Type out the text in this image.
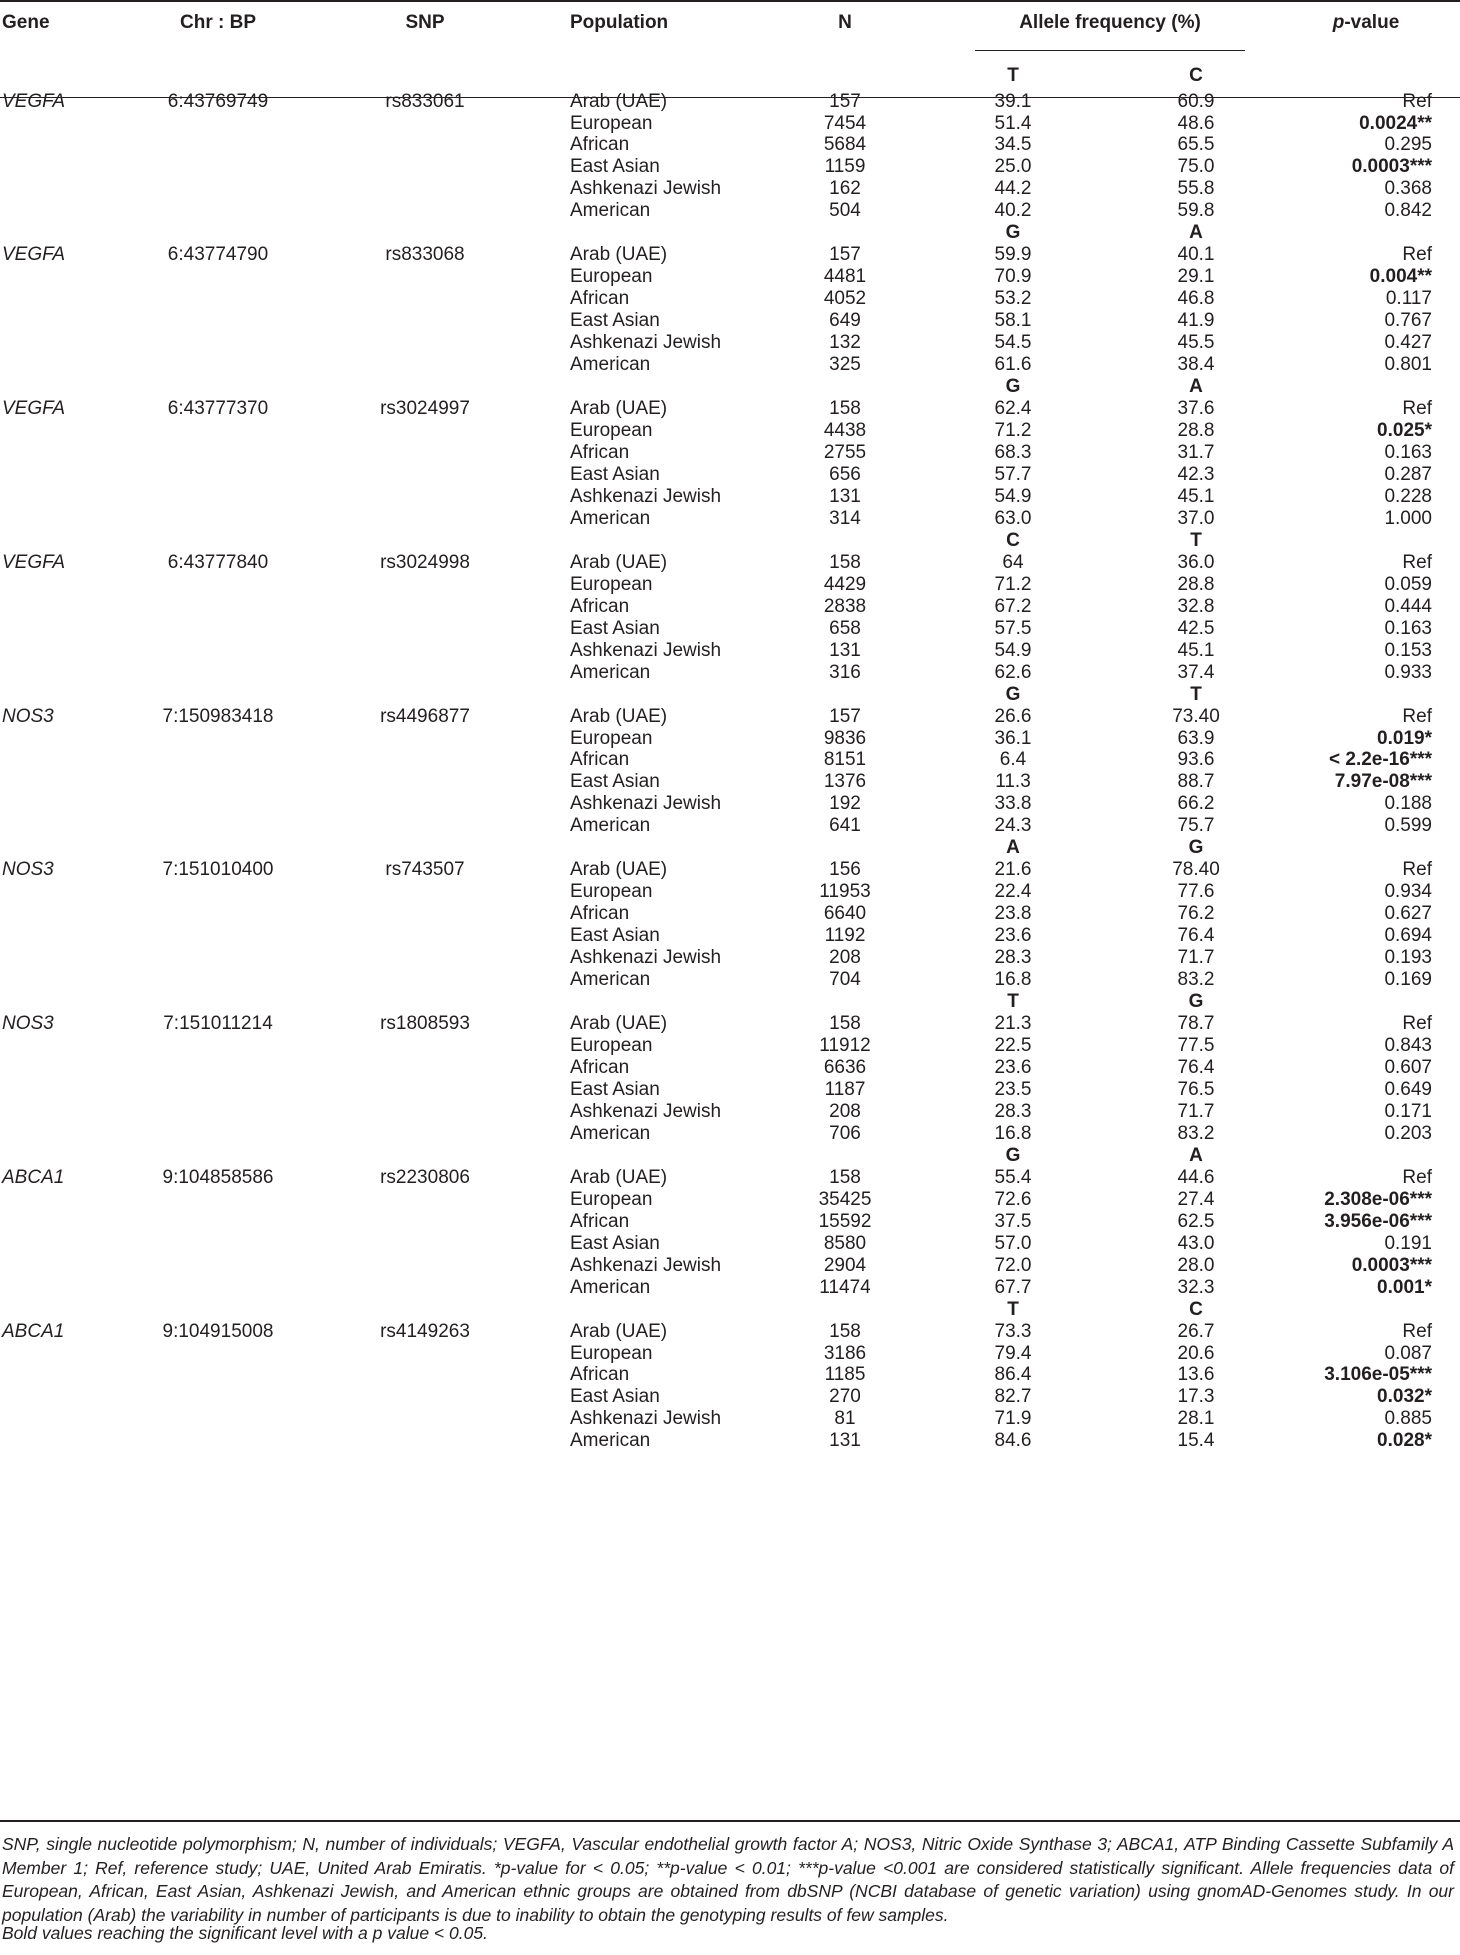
Gene	Chr : BP	SNP	Population	N	Allele frequency (%)	p-value
T	C
VEGFA	6:43769749	rs833061	Arab (UAE)	157	39.1	60.9	Ref
European	7454	51.4	48.6	0.0024**
African	5684	34.5	65.5	0.295
East Asian	1159	25.0	75.0	0.0003***
Ashkenazi Jewish	162	44.2	55.8	0.368
American	504	40.2	59.8	0.842
G	A
VEGFA	6:43774790	rs833068	Arab (UAE)	157	59.9	40.1	Ref
European	4481	70.9	29.1	0.004**
African	4052	53.2	46.8	0.117
East Asian	649	58.1	41.9	0.767
Ashkenazi Jewish	132	54.5	45.5	0.427
American	325	61.6	38.4	0.801
G	A
VEGFA	6:43777370	rs3024997	Arab (UAE)	158	62.4	37.6	Ref
European	4438	71.2	28.8	0.025*
African	2755	68.3	31.7	0.163
East Asian	656	57.7	42.3	0.287
Ashkenazi Jewish	131	54.9	45.1	0.228
American	314	63.0	37.0	1.000
C	T
VEGFA	6:43777840	rs3024998	Arab (UAE)	158	64	36.0	Ref
European	4429	71.2	28.8	0.059
African	2838	67.2	32.8	0.444
East Asian	658	57.5	42.5	0.163
Ashkenazi Jewish	131	54.9	45.1	0.153
American	316	62.6	37.4	0.933
G	T
NOS3	7:150983418	rs4496877	Arab (UAE)	157	26.6	73.40	Ref
European	9836	36.1	63.9	0.019*
African	8151	6.4	93.6	< 2.2e-16***
East Asian	1376	11.3	88.7	7.97e-08***
Ashkenazi Jewish	192	33.8	66.2	0.188
American	641	24.3	75.7	0.599
A	G
NOS3	7:151010400	rs743507	Arab (UAE)	156	21.6	78.40	Ref
European	11953	22.4	77.6	0.934
African	6640	23.8	76.2	0.627
East Asian	1192	23.6	76.4	0.694
Ashkenazi Jewish	208	28.3	71.7	0.193
American	704	16.8	83.2	0.169
T	G
NOS3	7:151011214	rs1808593	Arab (UAE)	158	21.3	78.7	Ref
European	11912	22.5	77.5	0.843
African	6636	23.6	76.4	0.607
East Asian	1187	23.5	76.5	0.649
Ashkenazi Jewish	208	28.3	71.7	0.171
American	706	16.8	83.2	0.203
G	A
ABCA1	9:104858586	rs2230806	Arab (UAE)	158	55.4	44.6	Ref
European	35425	72.6	27.4	2.308e-06***
African	15592	37.5	62.5	3.956e-06***
East Asian	8580	57.0	43.0	0.191
Ashkenazi Jewish	2904	72.0	28.0	0.0003***
American	11474	67.7	32.3	0.001*
T	C
ABCA1	9:104915008	rs4149263	Arab (UAE)	158	73.3	26.7	Ref
European	3186	79.4	20.6	0.087
African	1185	86.4	13.6	3.106e-05***
East Asian	270	82.7	17.3	0.032*
Ashkenazi Jewish	81	71.9	28.1	0.885
American	131	84.6	15.4	0.028*
SNP, single nucleotide polymorphism; N, number of individuals; VEGFA, Vascular endothelial growth factor A; NOS3, Nitric Oxide Synthase 3; ABCA1, ATP Binding Cassette Subfamily A Member 1; Ref, reference study; UAE, United Arab Emiratis. *p-value for < 0.05; **p-value < 0.01; ***p-value <0.001 are considered statistically significant. Allele frequencies data of European, African, East Asian, Ashkenazi Jewish, and American ethnic groups are obtained from dbSNP (NCBI database of genetic variation) using gnomAD-Genomes study. In our population (Arab) the variability in number of participants is due to inability to obtain the genotyping results of few samples.
Bold values reaching the significant level with a p value < 0.05.
